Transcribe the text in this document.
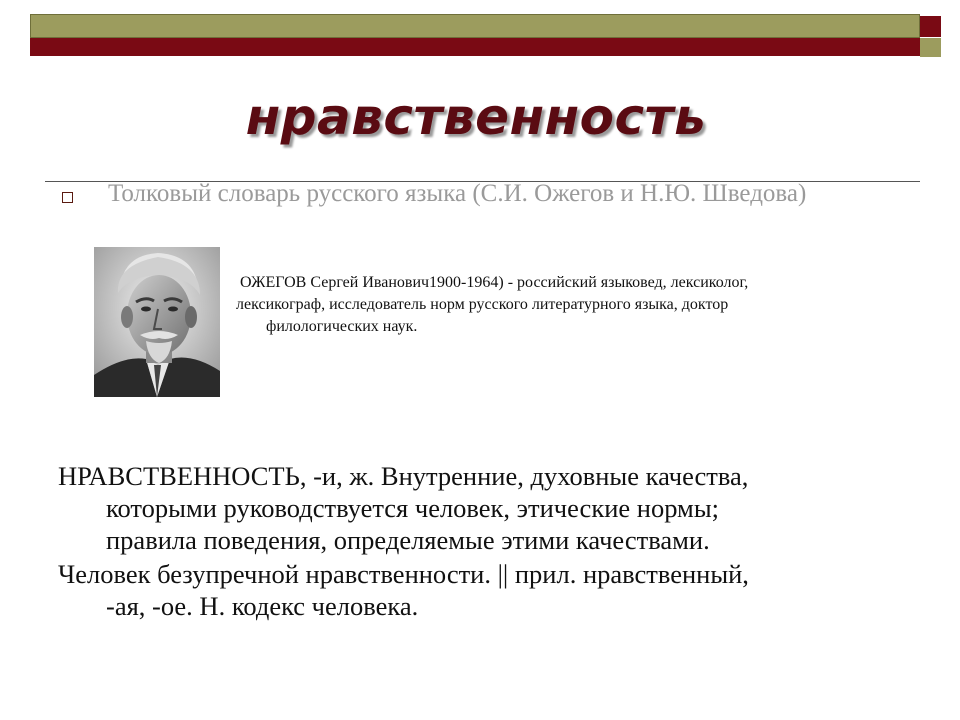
нравственность
Толковый словарь русского языка (С.И. Ожегов и Н.Ю. Шведова)
ОЖЕГОВ Сергей Иванович1900-1964) - российский языковед, лексиколог,
лексикограф, исследователь норм русского литературного языка, доктор
филологических наук.
НРАВСТВЕННОСТЬ, -и, ж. Внутренние, духовные качества,
которыми руководствуется человек, этические нормы;
правила поведения, определяемые этими качествами.
Человек безупречной нравственности. || прил. нравственный,
-ая, -ое. Н. кодекс человека.
